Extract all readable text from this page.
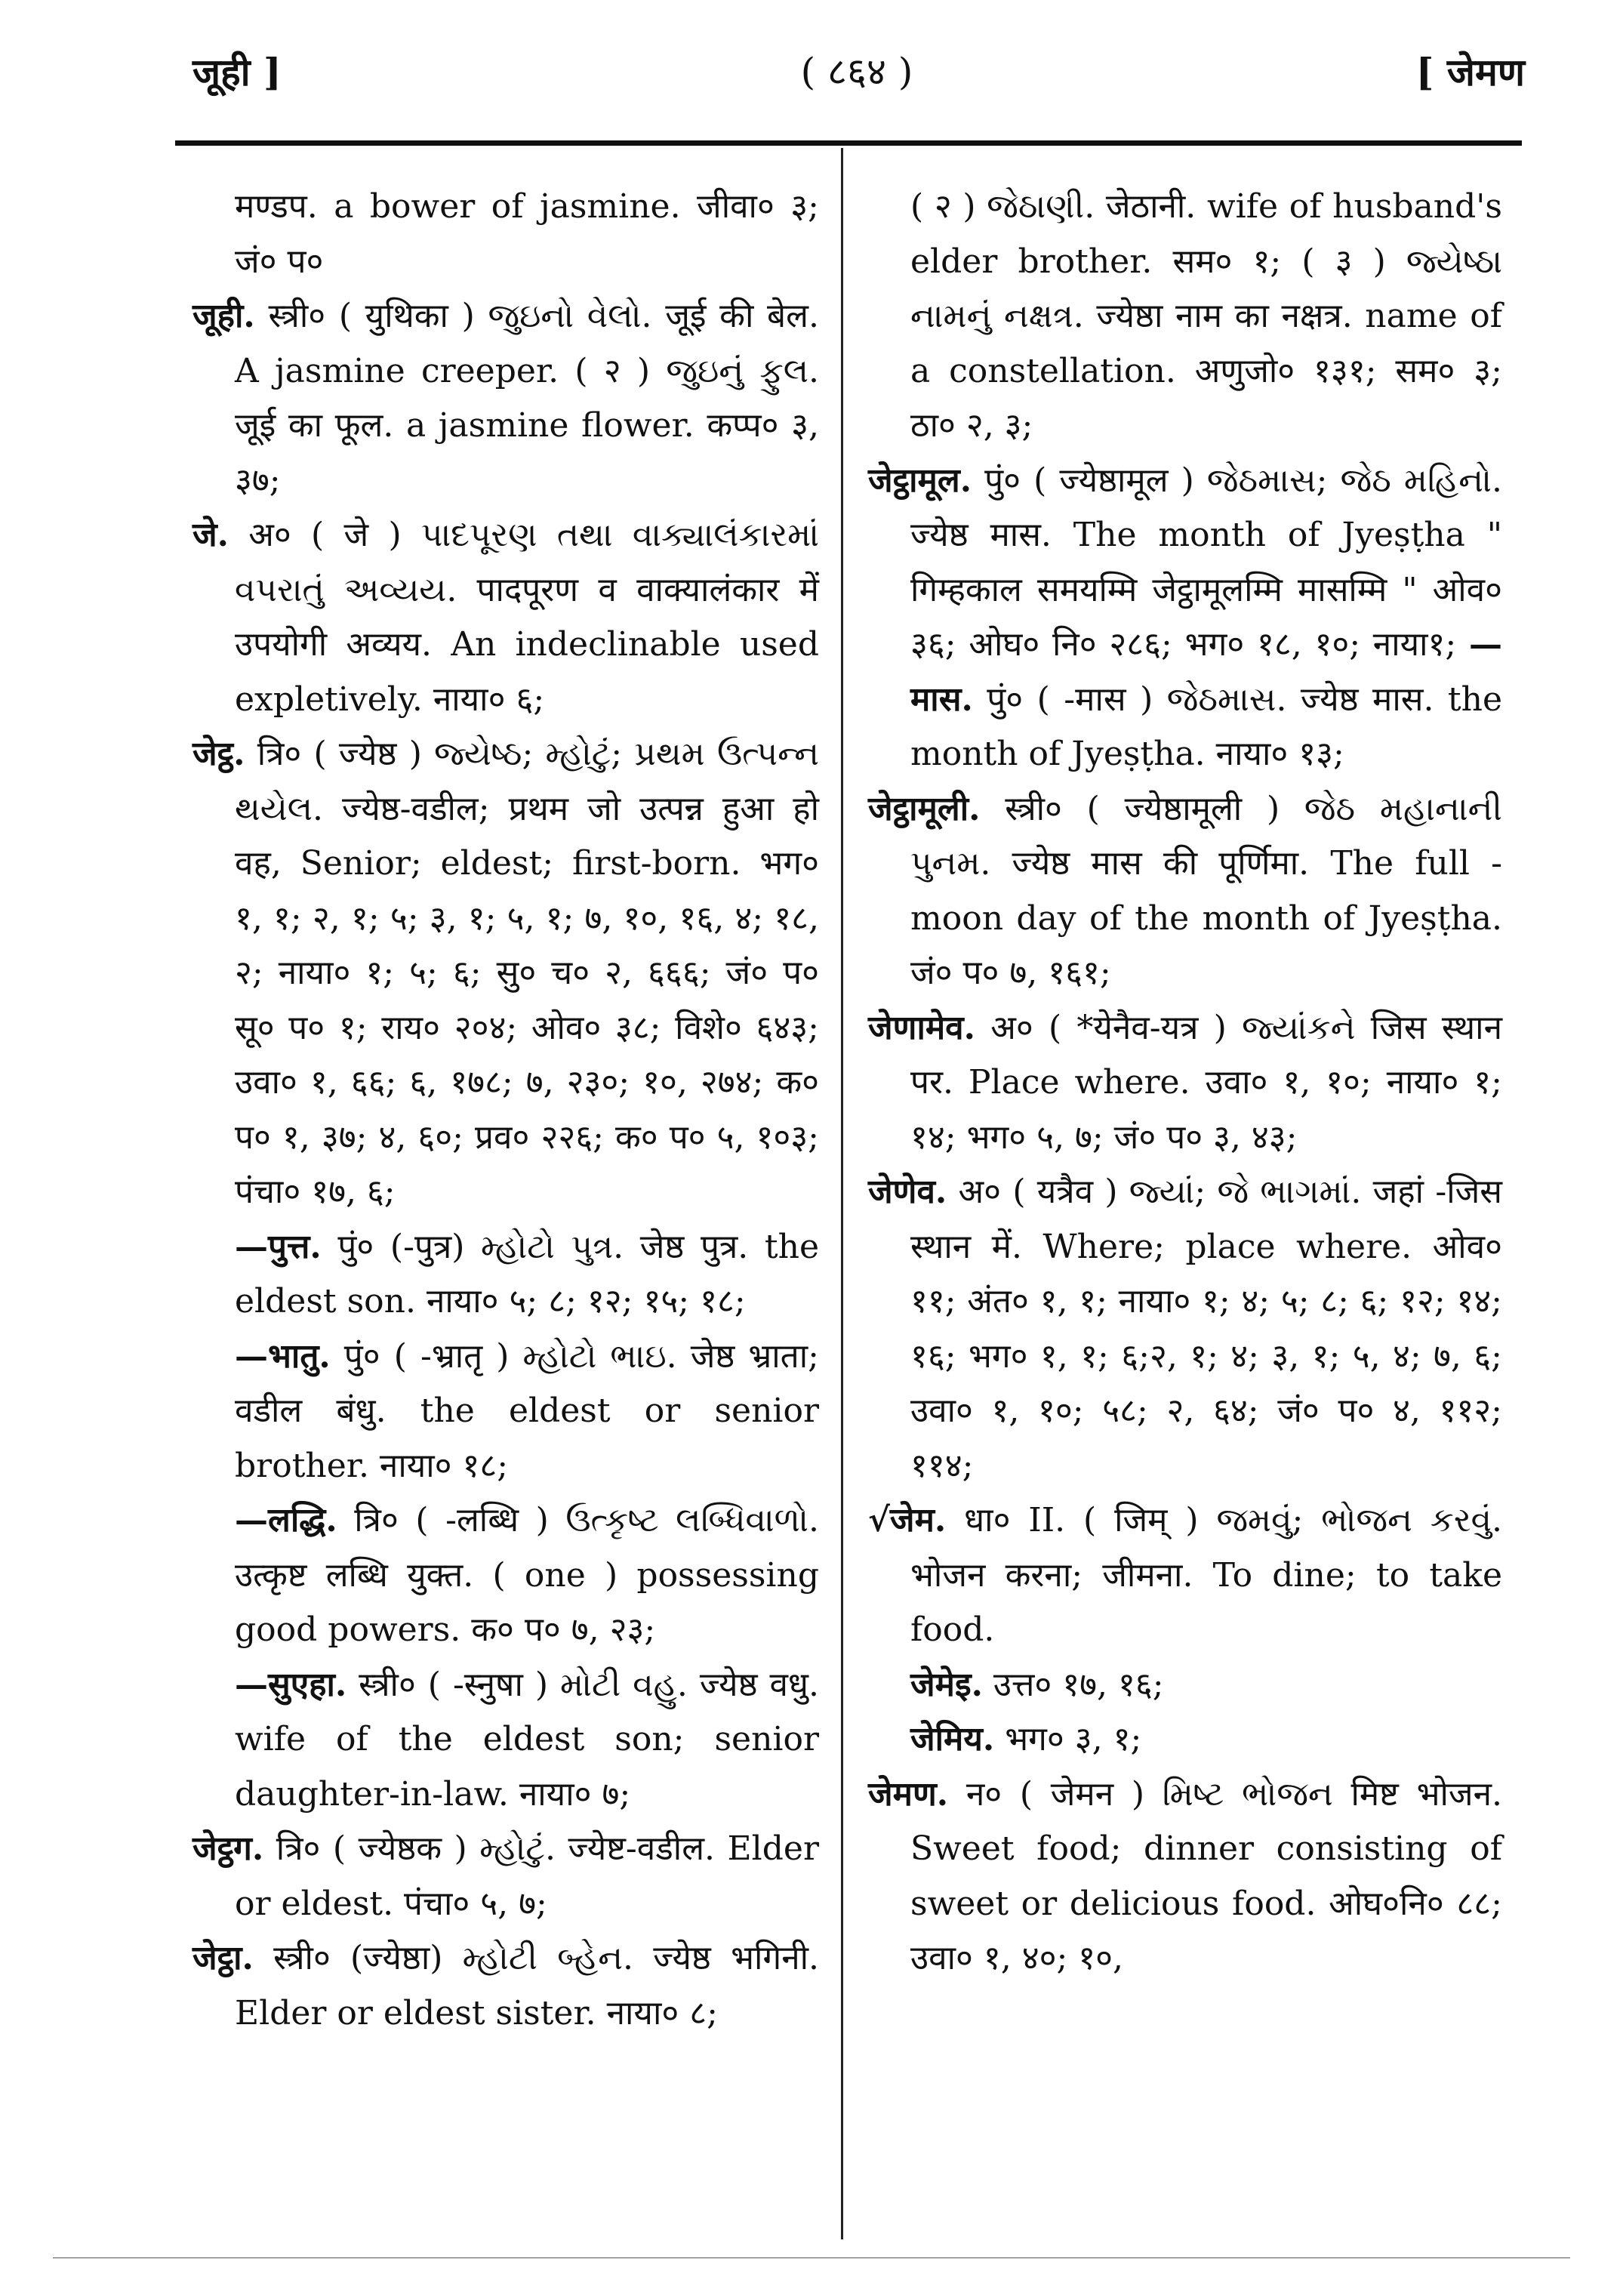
जूही ]	( ८६४ )	[ जेमण

मण्डप. a bower of jasmine. जीवा० ३; जं० प०

जूही. स्त्री० ( युथिका ) જુઇનો વેલો. जूई की बेल. A jasmine creeper. ( २ ) જુઇનું ફુલ. जूई का फूल. a jasmine flower. कप्प० ३, ३७;

जे. अ० ( जे ) પાદપૂરણ તથા વાક્યાલંકારમાં વપરાતું અવ્યય. पादपूरण व वाक्यालंकार में उपयोगी अव्यय. An indeclinable used expletively. नाया० ६;

जेट्ठ. त्रि० ( ज्येष्ठ ) જ્યેષ્ઠ; મ્હોટું; પ્રથમ ઉત્પન્ન થયેલ. ज्येष्ठ-वडील; प्रथम जो उत्पन्न हुआ हो वह, Senior; eldest; first-born. भग० १, १; २, १; ५; ३, १; ५, १; ७, १०, १६, ४; १८, २; नाया० १; ५; ६; सु० च० २, ६६६; जं० प० सू० प० १; राय० २०४; ओव० ३८; विशे० ६४३; उवा० १, ६६; ६, १७८; ७, २३०; १०, २७४; क० प० १, ३७; ४, ६०; प्रव० २२६; क० प० ५, १०३; पंचा० १७, ६;

—पुत्त. पुं० (-पुत्र) મ્હોટો પુત્ર. जेष्ठ पुत्र. the eldest son. नाया० ५; ८; १२; १५; १८;

—भातु. पुं० ( -भ्रातृ ) મ્હોટો ભાઇ. जेष्ठ भ्राता; वडील बंधु. the eldest or senior brother. नाया० १८;

—लद्धि. त्रि० ( -लब्धि ) ઉત્કૃષ્ટ લબ્ધિવાળો. उत्कृष्ट लब्धि युक्त. ( one ) possessing good powers. क० प० ७, २३;

—सुएहा. स्त्री० ( -स्नुषा ) મોટી વહુ. ज्येष्ठ वधु. wife of the eldest son; senior daughter-in-law. नाया० ७;

जेट्ठग. त्रि० ( ज्येष्ठक ) મ્હોટું. ज्येष्ट-वडील. Elder or eldest. पंचा० ५, ७;

जेट्ठा. स्त्री० (ज्येष्ठा) મ્હોટી બ્હેન. ज्येष्ठ भगिनी. Elder or eldest sister. नाया० ८;

( २ ) જેઠાણી. जेठानी. wife of husband's elder brother. सम० १; ( ३ ) જ્યેષ્ઠા નામનું નક્ષત્ર. ज्येष्ठा नाम का नक्षत्र. name of a constellation. अणुजो० १३१; सम० ३; ठा० २, ३;

जेट्ठामूल. पुं० ( ज्येष्ठामूल ) જેઠમાસ; જેઠ મહિનો. ज्येष्ठ मास. The month of Jyeṣṭha " गिम्हकाल समयम्मि जेट्ठामूलम्मि मासम्मि " ओव० ३६; ओघ० नि० २८६; भग० १८, १०; नाया१; —मास. पुं० ( -मास ) જેઠમાસ. ज्येष्ठ मास. the month of Jyeṣṭha. नाया० १३;

जेट्ठामूली. स्त्री० ( ज्येष्ठामूली ) જેઠ મહાનાની પુનમ. ज्येष्ठ मास की पूर्णिमा. The full -moon day of the month of Jyeṣṭha. जं० प० ७, १६१;

जेणामेव. अ० ( *येनैव-यत्र ) જ્યાંકને जिस स्थान पर. Place where. उवा० १, १०; नाया० १; १४; भग० ५, ७; जं० प० ३, ४३;

जेणेव. अ० ( यत्रैव ) જ્યાં; જે ભાગમાં. जहां -जिस स्थान में. Where; place where. ओव० ११; अंत० १, १; नाया० १; ४; ५; ८; ६; १२; १४; १६; भग० १, १; ६;२, १; ४; ३, १; ५, ४; ७, ६; उवा० १, १०; ५८; २, ६४; जं० प० ४, ११२; ११४;

√जेम. धा० II. ( जिम् ) જમવું; ભોજન કરવું. भोजन करना; जीमना. To dine; to take food.

जेमेइ. उत्त० १७, १६;

जेमिय. भग० ३, १;

जेमण. न० ( जेमन ) મિષ્ટ ભોજન मिष्ट भोजन. Sweet food; dinner consisting of sweet or delicious food. ओघ०नि० ८८; उवा० १, ४०; १०,
